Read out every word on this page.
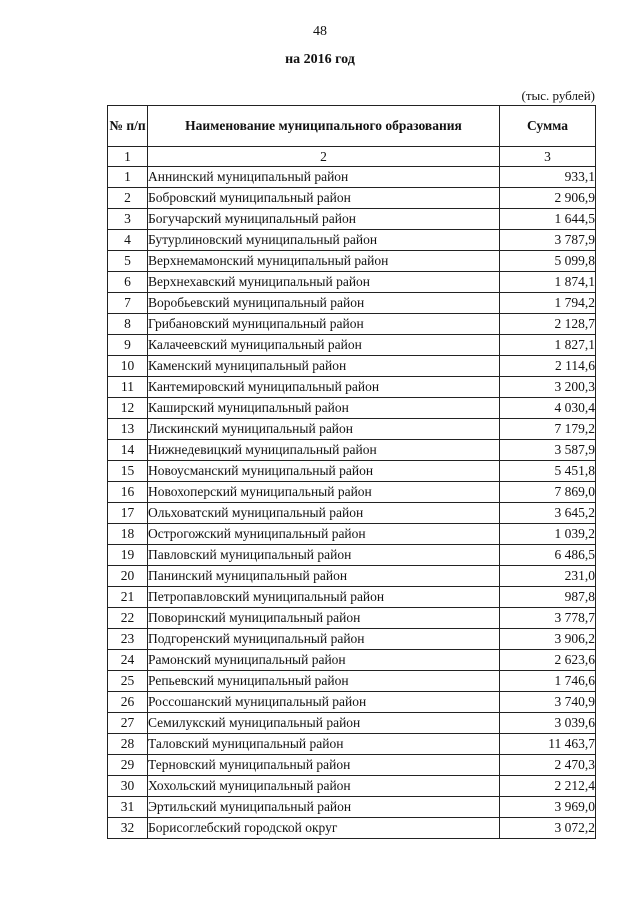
48
на 2016 год
(тыс. рублей)
№ п/п	Наименование муниципального образования	Сумма
1	2	3
1	Аннинский муниципальный район	933,1
2	Бобровский муниципальный район	2 906,9
3	Богучарский муниципальный район	1 644,5
4	Бутурлиновский муниципальный район	3 787,9
5	Верхнемамонский муниципальный район	5 099,8
6	Верхнехавский муниципальный район	1 874,1
7	Воробьевский муниципальный район	1 794,2
8	Грибановский муниципальный район	2 128,7
9	Калачеевский муниципальный район	1 827,1
10	Каменский муниципальный район	2 114,6
11	Кантемировский муниципальный район	3 200,3
12	Каширский муниципальный район	4 030,4
13	Лискинский муниципальный район	7 179,2
14	Нижнедевицкий муниципальный район	3 587,9
15	Новоусманский муниципальный район	5 451,8
16	Новохоперский муниципальный район	7 869,0
17	Ольховатский муниципальный район	3 645,2
18	Острогожский муниципальный район	1 039,2
19	Павловский муниципальный район	6 486,5
20	Панинский муниципальный район	231,0
21	Петропавловский муниципальный район	987,8
22	Поворинский муниципальный район	3 778,7
23	Подгоренский муниципальный район	3 906,2
24	Рамонский муниципальный район	2 623,6
25	Репьевский муниципальный район	1 746,6
26	Россошанский муниципальный район	3 740,9
27	Семилукский муниципальный район	3 039,6
28	Таловский муниципальный район	11 463,7
29	Терновский муниципальный район	2 470,3
30	Хохольский муниципальный район	2 212,4
31	Эртильский муниципальный район	3 969,0
32	Борисоглебский городской округ	3 072,2
